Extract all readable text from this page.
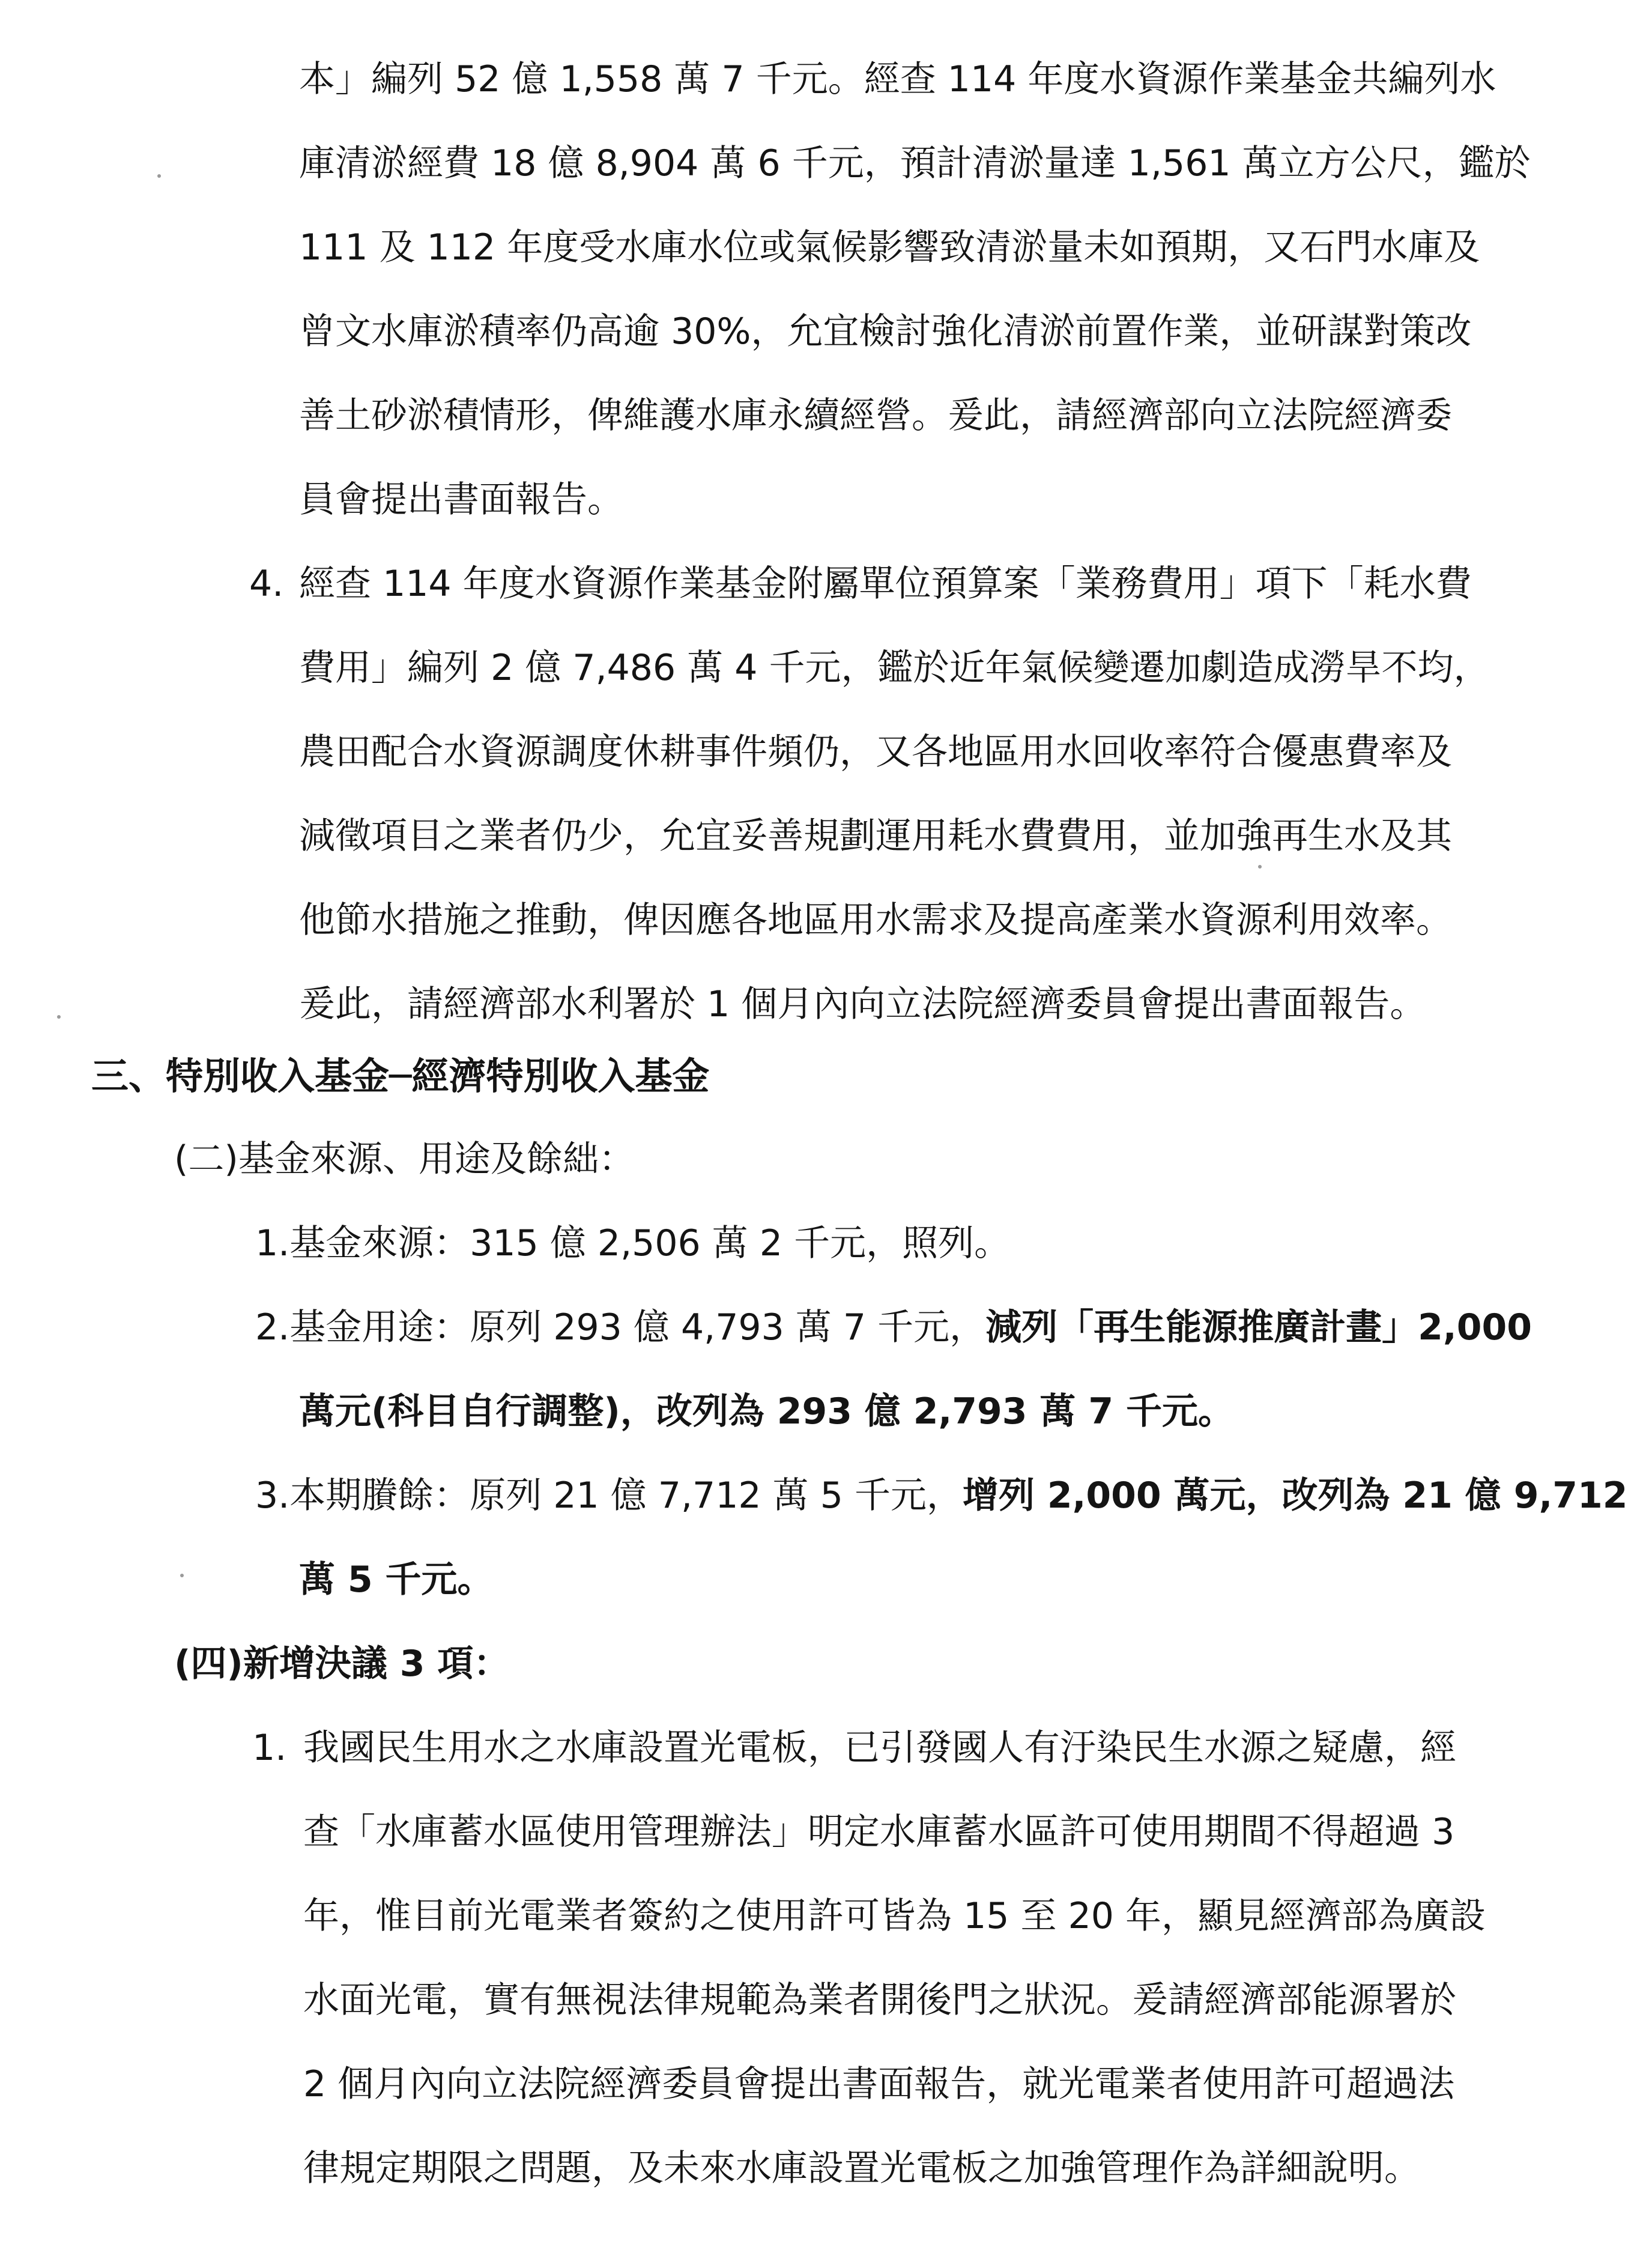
本」編列 52 億 1,558 萬 7 千元。經查 114 年度水資源作業基金共編列水
庫清淤經費 18 億 8,904 萬 6 千元，預計清淤量達 1,561 萬立方公尺，鑑於
111 及 112 年度受水庫水位或氣候影響致清淤量未如預期，又石門水庫及
曾文水庫淤積率仍高逾 30%，允宜檢討強化清淤前置作業，並研謀對策改
善土砂淤積情形，俾維護水庫永續經營。爰此，請經濟部向立法院經濟委
員會提出書面報告。
4. 經查 114 年度水資源作業基金附屬單位預算案「業務費用」項下「耗水費
費用」編列 2 億 7,486 萬 4 千元，鑑於近年氣候變遷加劇造成澇旱不均，
農田配合水資源調度休耕事件頻仍，又各地區用水回收率符合優惠費率及
減徵項目之業者仍少，允宜妥善規劃運用耗水費費用，並加強再生水及其
他節水措施之推動，俾因應各地區用水需求及提高產業水資源利用效率。
爰此，請經濟部水利署於 1 個月內向立法院經濟委員會提出書面報告。
三、特別收入基金─經濟特別收入基金
(二)基金來源、用途及餘絀：
1.基金來源：315 億 2,506 萬 2 千元，照列。
2.基金用途：原列 293 億 4,793 萬 7 千元，減列「再生能源推廣計畫」2,000
萬元(科目自行調整)，改列為 293 億 2,793 萬 7 千元。
3.本期賸餘：原列 21 億 7,712 萬 5 千元，增列 2,000 萬元，改列為 21 億 9,712
萬 5 千元。
(四)新增決議 3 項：
1. 我國民生用水之水庫設置光電板，已引發國人有汙染民生水源之疑慮，經
查「水庫蓄水區使用管理辦法」明定水庫蓄水區許可使用期間不得超過 3
年，惟目前光電業者簽約之使用許可皆為 15 至 20 年，顯見經濟部為廣設
水面光電，實有無視法律規範為業者開後門之狀況。爰請經濟部能源署於
2 個月內向立法院經濟委員會提出書面報告，就光電業者使用許可超過法
律規定期限之問題，及未來水庫設置光電板之加強管理作為詳細說明。
